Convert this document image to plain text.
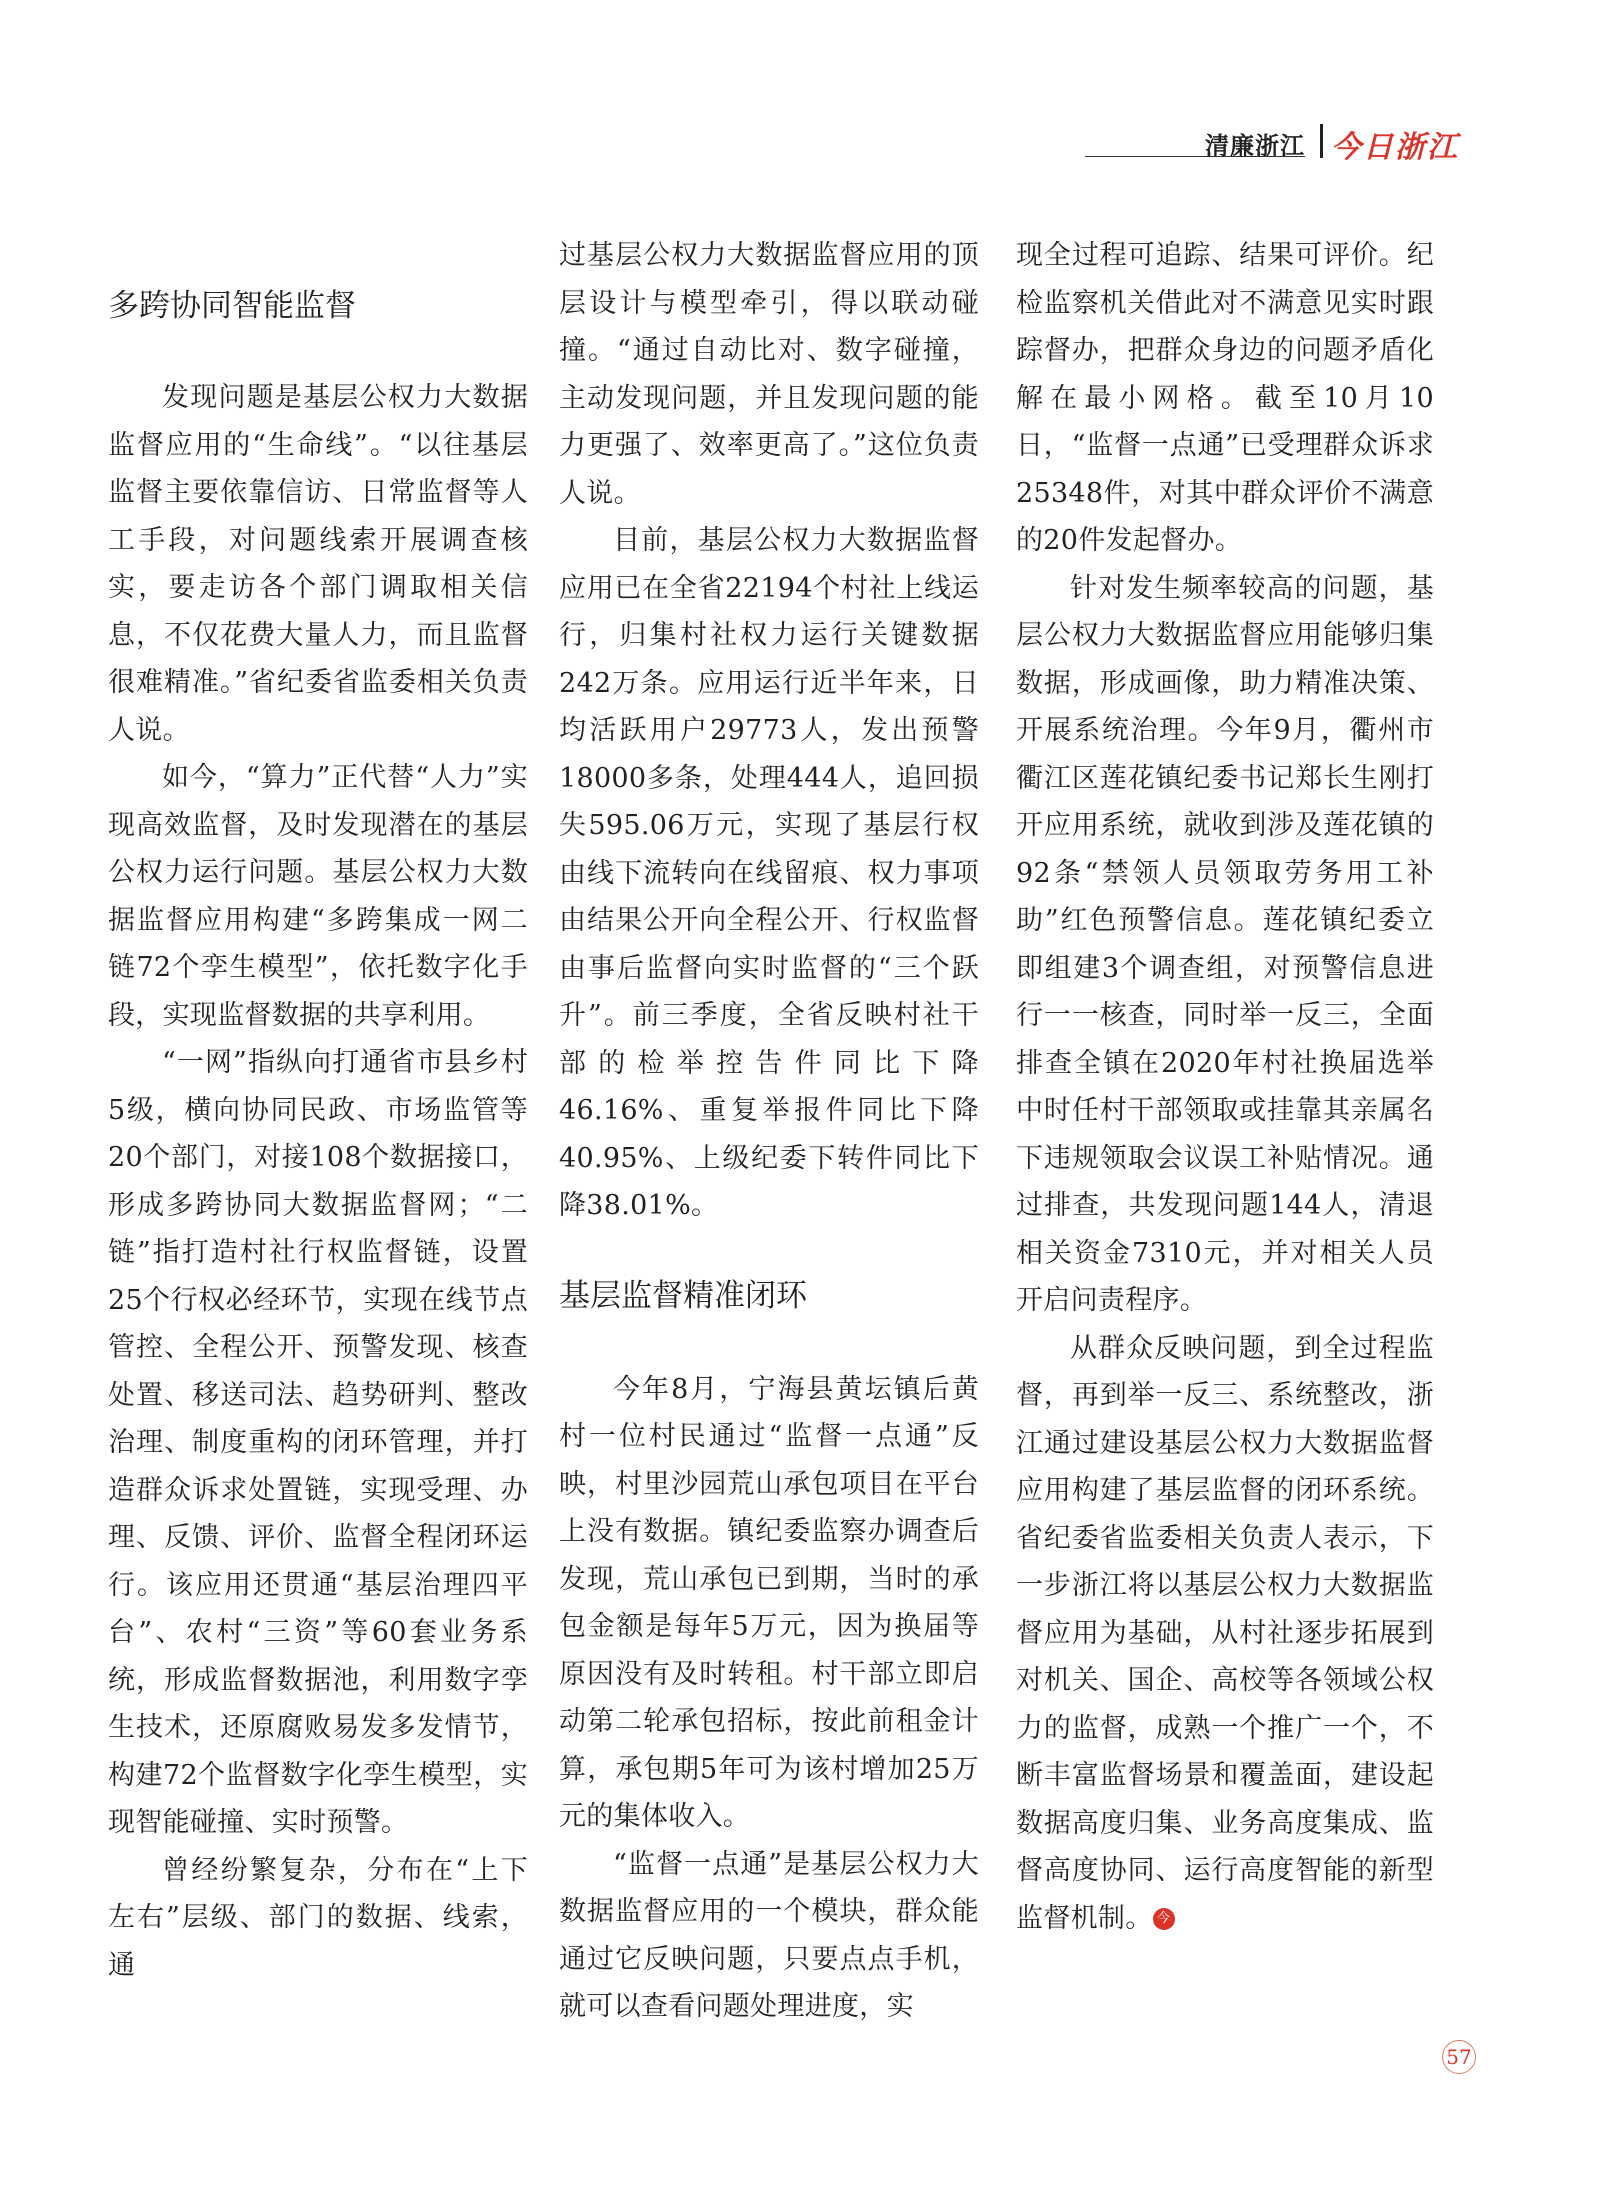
清廉浙江 今日浙江
多跨协同智能监督

发现问题是基层公权力大数据监督应用的“生命线”。“以往基层监督主要依靠信访、日常监督等人工手段，对问题线索开展调查核实，要走访各个部门调取相关信息，不仅花费大量人力，而且监督很难精准。”省纪委省监委相关负责人说。

如今，“算力”正代替“人力”实现高效监督，及时发现潜在的基层公权力运行问题。基层公权力大数据监督应用构建“多跨集成一网二链72个孪生模型”，依托数字化手段，实现监督数据的共享利用。

“一网”指纵向打通省市县乡村5级，横向协同民政、市场监管等20个部门，对接108个数据接口，形成多跨协同大数据监督网；“二链”指打造村社行权监督链，设置25个行权必经环节，实现在线节点管控、全程公开、预警发现、核查处置、移送司法、趋势研判、整改治理、制度重构的闭环管理，并打造群众诉求处置链，实现受理、办理、反馈、评价、监督全程闭环运行。该应用还贯通“基层治理四平台”、农村“三资”等60套业务系统，形成监督数据池，利用数字孪生技术，还原腐败易发多发情节，构建72个监督数字化孪生模型，实现智能碰撞、实时预警。

曾经纷繁复杂，分布在“上下左右”层级、部门的数据、线索，通

过基层公权力大数据监督应用的顶层设计与模型牵引，得以联动碰撞。“通过自动比对、数字碰撞，主动发现问题，并且发现问题的能力更强了、效率更高了。”这位负责人说。

目前，基层公权力大数据监督应用已在全省22194个村社上线运行，归集村社权力运行关键数据242万条。应用运行近半年来，日均活跃用户29773人，发出预警18000多条，处理444人，追回损失595.06万元，实现了基层行权由线下流转向在线留痕、权力事项由结果公开向全程公开、行权监督由事后监督向实时监督的“三个跃升”。前三季度，全省反映村社干部的检举控告件同比下降46.16%、重复举报件同比下降40.95%、上级纪委下转件同比下降38.01%。

基层监督精准闭环

今年8月，宁海县黄坛镇后黄村一位村民通过“监督一点通”反映，村里沙园荒山承包项目在平台上没有数据。镇纪委监察办调查后发现，荒山承包已到期，当时的承包金额是每年5万元，因为换届等原因没有及时转租。村干部立即启动第二轮承包招标，按此前租金计算，承包期5年可为该村增加25万元的集体收入。

“监督一点通”是基层公权力大数据监督应用的一个模块，群众能通过它反映问题，只要点点手机，就可以查看问题处理进度，实

现全过程可追踪、结果可评价。纪检监察机关借此对不满意见实时跟踪督办，把群众身边的问题矛盾化解在最小网格。截至10月10日，“监督一点通”已受理群众诉求25348件，对其中群众评价不满意的20件发起督办。

针对发生频率较高的问题，基层公权力大数据监督应用能够归集数据，形成画像，助力精准决策、开展系统治理。今年9月，衢州市衢江区莲花镇纪委书记郑长生刚打开应用系统，就收到涉及莲花镇的92条“禁领人员领取劳务用工补助”红色预警信息。莲花镇纪委立即组建3个调查组，对预警信息进行一一核查，同时举一反三，全面排查全镇在2020年村社换届选举中时任村干部领取或挂靠其亲属名下违规领取会议误工补贴情况。通过排查，共发现问题144人，清退相关资金7310元，并对相关人员开启问责程序。

从群众反映问题，到全过程监督，再到举一反三、系统整改，浙江通过建设基层公权力大数据监督应用构建了基层监督的闭环系统。省纪委省监委相关负责人表示，下一步浙江将以基层公权力大数据监督应用为基础，从村社逐步拓展到对机关、国企、高校等各领域公权力的监督，成熟一个推广一个，不断丰富监督场景和覆盖面，建设起数据高度归集、业务高度集成、监督高度协同、运行高度智能的新型监督机制。 今

57
